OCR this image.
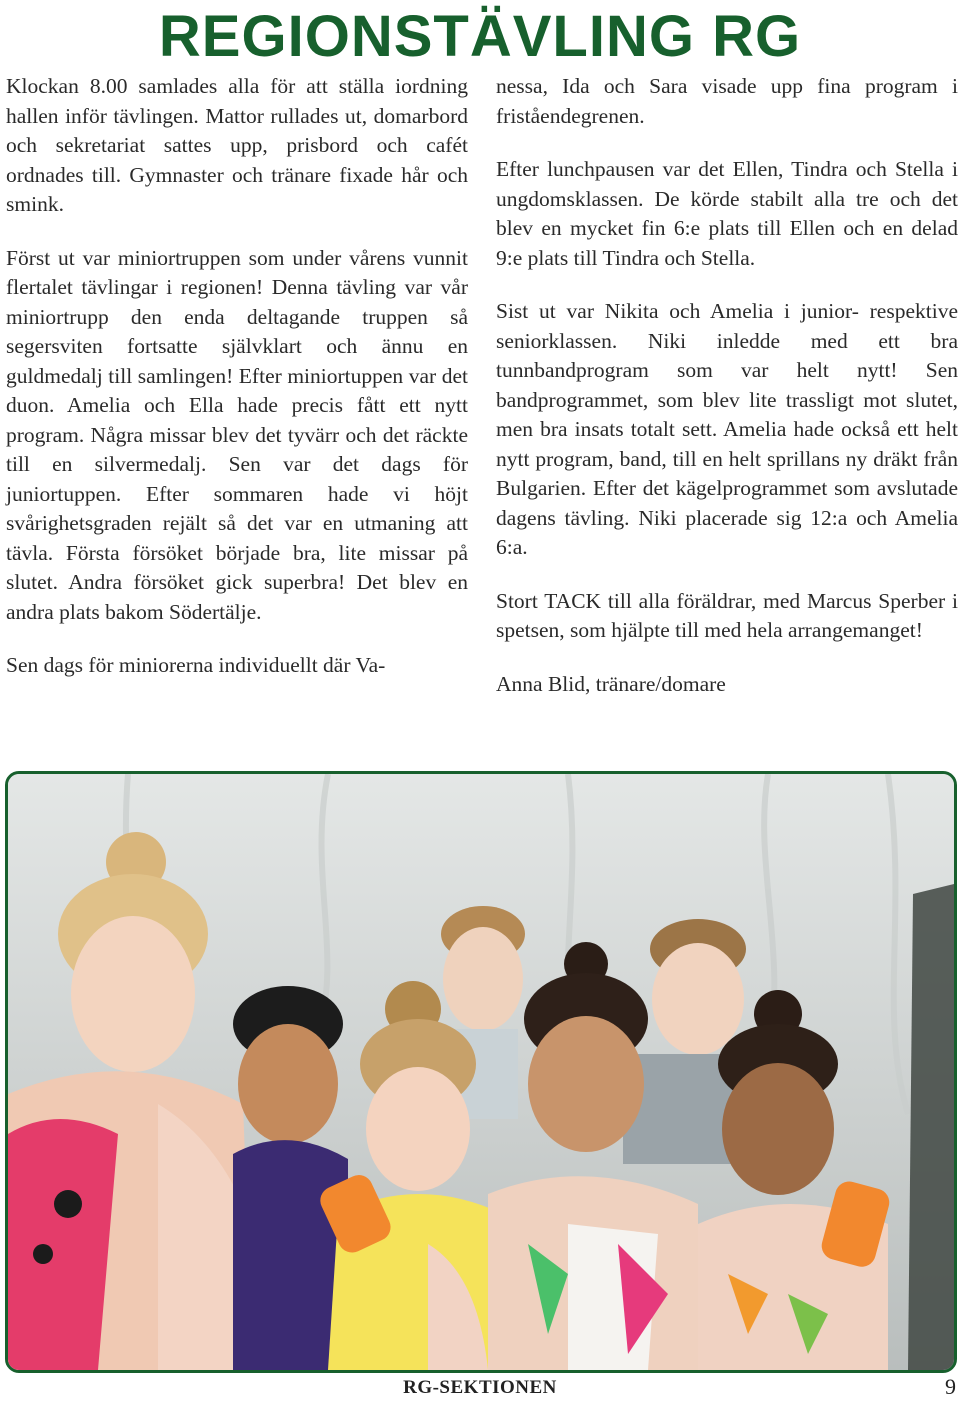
REGIONSTÄVLING RG

Klockan 8.00 samlades alla för att ställa iordning hallen inför tävlingen. Mattor rullades ut, domarbord och sekretariat sattes upp, prisbord och cafét ordnades till. Gymnaster och tränare fixade hår och smink.

Först ut var miniortruppen som under vårens vunnit flertalet tävlingar i regionen! Denna tävling var vår miniortrupp den enda deltagande truppen så segersviten fortsatte självklart och ännu en guldmedalj till samlingen! Efter miniortuppen var det duon. Amelia och Ella hade precis fått ett nytt program. Några missar blev det tyvärr och det räckte till en silvermedalj. Sen var det dags för juniortuppen. Efter sommaren hade vi höjt svårighetsgraden rejält så det var en utmaning att tävla. Första försöket började bra, lite missar på slutet. Andra försöket gick superbra! Det blev en andra plats bakom Södertälje.

Sen dags för miniorerna individuellt där Va-

nessa, Ida och Sara visade upp fina program i friståendegrenen.

Efter lunchpausen var det Ellen, Tindra och Stella i ungdomsklassen. De körde stabilt alla tre och det blev en mycket fin 6:e plats till Ellen och en delad 9:e plats till Tindra och Stella.

Sist ut var Nikita och Amelia i junior- respektive seniorklassen. Niki inledde med ett bra tunnbandprogram som var helt nytt! Sen bandprogrammet, som blev lite trassligt mot slutet, men bra insats totalt sett. Amelia hade också ett helt nytt program, band, till en helt sprillans ny dräkt från Bulgarien. Efter det kägelprogrammet som avslutade dagens tävling. Niki placerade sig 12:a och Amelia 6:a.

Stort TACK till alla föräldrar, med Marcus Sperber i spetsen, som hjälpte till med hela arrangemanget!

Anna Blid, tränare/domare

RG-SEKTIONEN	9
